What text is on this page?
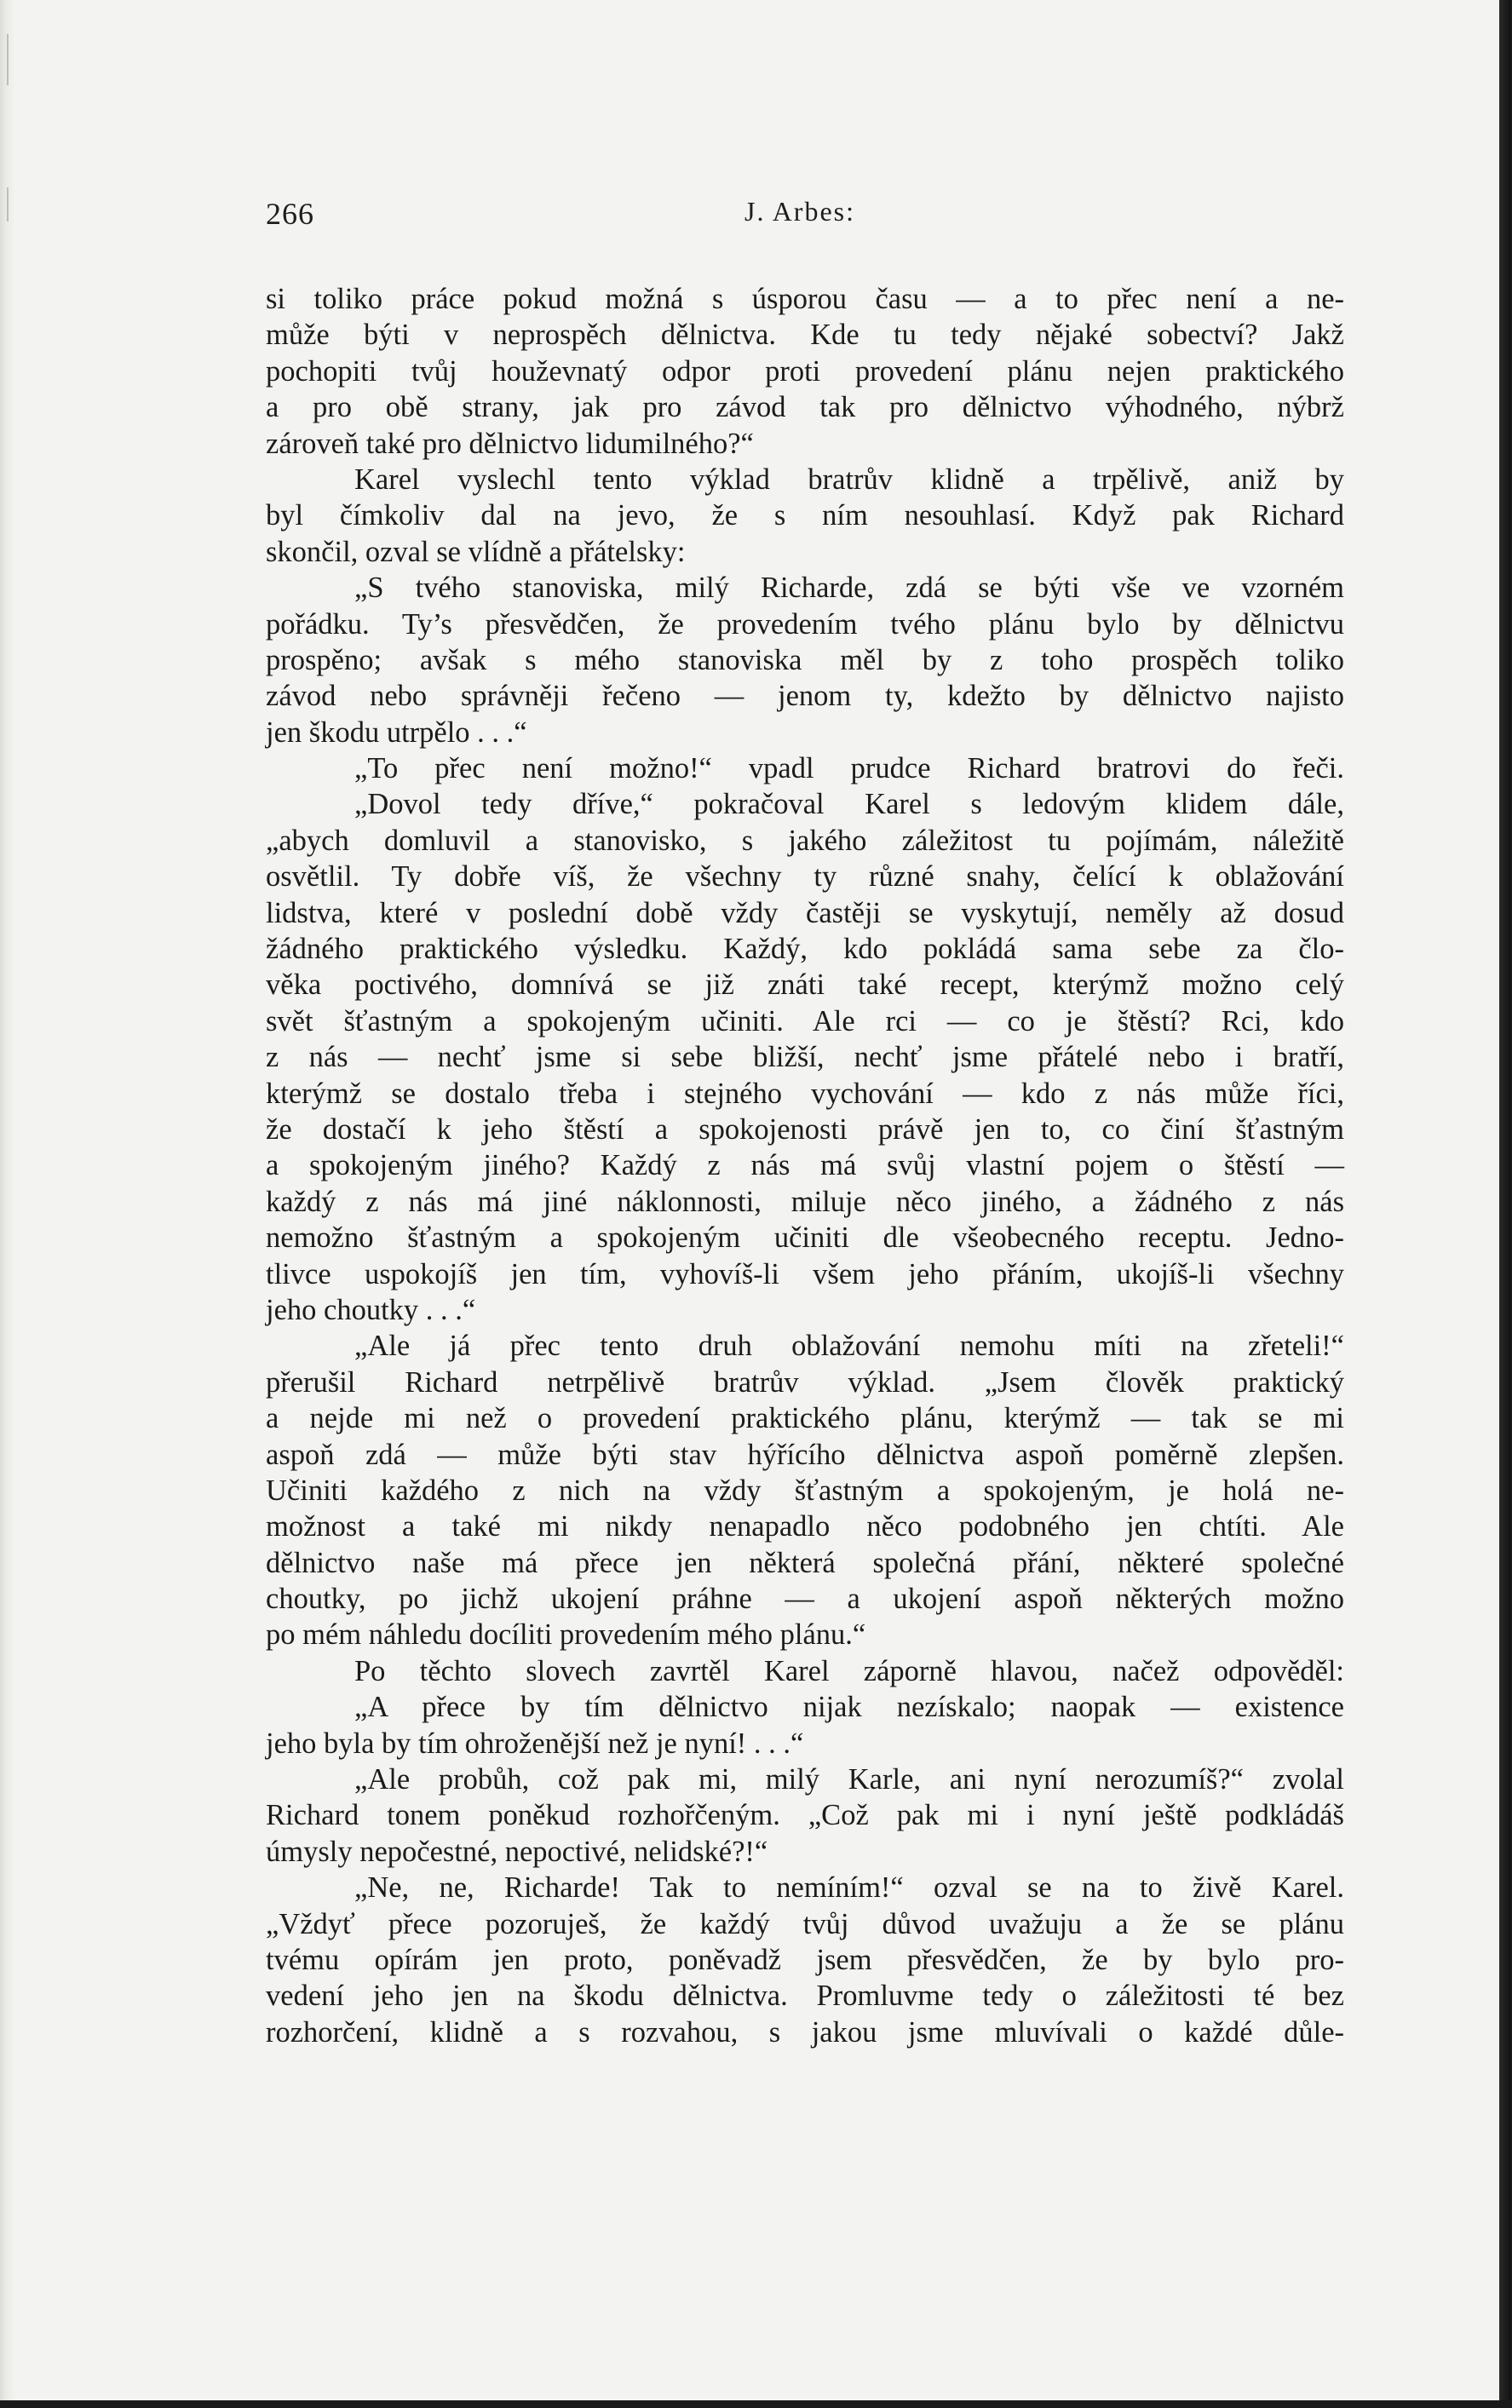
266	J. Arbes:
si toliko práce pokud možná s úsporou času — a to přec není a ne-
může býti v neprospěch dělnictva. Kde tu tedy nějaké sobectví? Jakž
pochopiti tvůj houževnatý odpor proti provedení plánu nejen praktického
a pro obě strany, jak pro závod tak pro dělnictvo výhodného, nýbrž
zároveň také pro dělnictvo lidumilného?“
Karel vyslechl tento výklad bratrův klidně a trpělivě, aniž by
byl čímkoliv dal na jevo, že s ním nesouhlasí. Když pak Richard
skončil, ozval se vlídně a přátelsky:
„S tvého stanoviska, milý Richarde, zdá se býti vše ve vzorném
pořádku. Ty’s přesvědčen, že provedením tvého plánu bylo by dělnictvu
prospěno; avšak s mého stanoviska měl by z toho prospěch toliko
závod nebo správněji řečeno — jenom ty, kdežto by dělnictvo najisto
jen škodu utrpělo . . .“
„To přec není možno!“ vpadl prudce Richard bratrovi do řeči.
„Dovol tedy dříve,“ pokračoval Karel s ledovým klidem dále,
„abych domluvil a stanovisko, s jakého záležitost tu pojímám, náležitě
osvětlil. Ty dobře víš, že všechny ty různé snahy, čelící k oblažování
lidstva, které v poslední době vždy častěji se vyskytují, neměly až dosud
žádného praktického výsledku. Každý, kdo pokládá sama sebe za člo-
věka poctivého, domnívá se již znáti také recept, kterýmž možno celý
svět šťastným a spokojeným učiniti. Ale rci — co je štěstí? Rci, kdo
z nás — nechť jsme si sebe bližší, nechť jsme přátelé nebo i bratří,
kterýmž se dostalo třeba i stejného vychování — kdo z nás může říci,
že dostačí k jeho štěstí a spokojenosti právě jen to, co činí šťastným
a spokojeným jiného? Každý z nás má svůj vlastní pojem o štěstí —
každý z nás má jiné náklonnosti, miluje něco jiného, a žádného z nás
nemožno šťastným a spokojeným učiniti dle všeobecného receptu. Jedno-
tlivce uspokojíš jen tím, vyhovíš-li všem jeho přáním, ukojíš-li všechny
jeho choutky . . .“
„Ale já přec tento druh oblažování nemohu míti na zřeteli!“
přerušil Richard netrpělivě bratrův výklad. „Jsem člověk praktický
a nejde mi než o provedení praktického plánu, kterýmž — tak se mi
aspoň zdá — může býti stav hýřícího dělnictva aspoň poměrně zlepšen.
Učiniti každého z nich na vždy šťastným a spokojeným, je holá ne-
možnost a také mi nikdy nenapadlo něco podobného jen chtíti. Ale
dělnictvo naše má přece jen některá společná přání, některé společné
choutky, po jichž ukojení práhne — a ukojení aspoň některých možno
po mém náhledu docíliti provedením mého plánu.“
Po těchto slovech zavrtěl Karel záporně hlavou, načež odpověděl:
„A přece by tím dělnictvo nijak nezískalo; naopak — existence
jeho byla by tím ohroženější než je nyní! . . .“
„Ale probůh, což pak mi, milý Karle, ani nyní nerozumíš?“ zvolal
Richard tonem poněkud rozhořčeným. „Což pak mi i nyní ještě podkládáš
úmysly nepočestné, nepoctivé, nelidské?!“
„Ne, ne, Richarde! Tak to nemíním!“ ozval se na to živě Karel.
„Vždyť přece pozoruješ, že každý tvůj důvod uvažuju a že se plánu
tvému opírám jen proto, poněvadž jsem přesvědčen, že by bylo pro-
vedení jeho jen na škodu dělnictva. Promluvme tedy o záležitosti té bez
rozhorčení, klidně a s rozvahou, s jakou jsme mluvívali o každé důle-
